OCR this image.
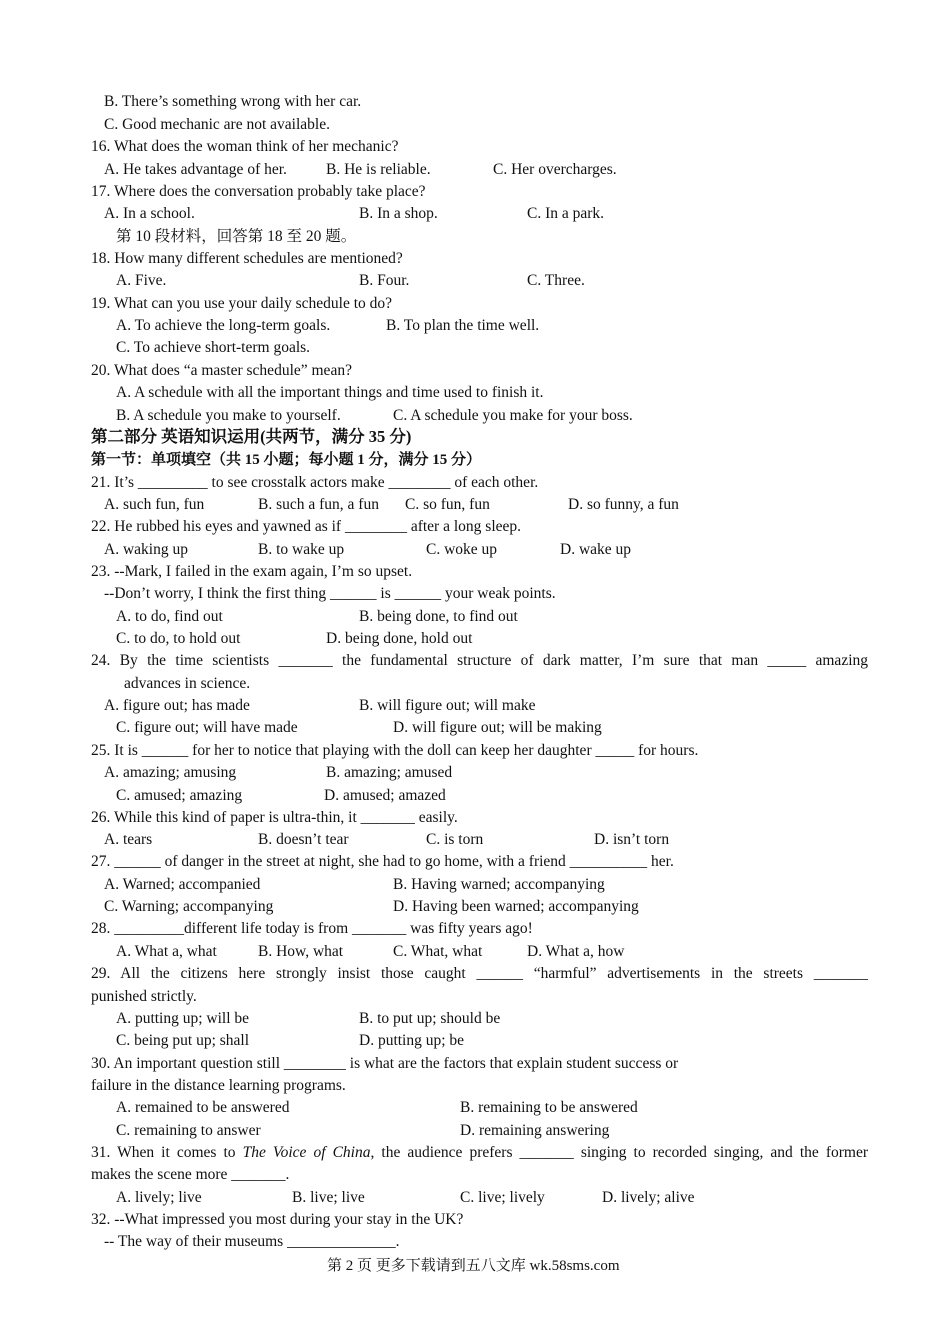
B. There’s something wrong with her car.
C. Good mechanic are not available.
16. What does the woman think of her mechanic?
A. He takes advantage of her.	B. He is reliable.	C. Her overcharges.
17. Where does the conversation probably take place?
A. In a school.	B. In a shop.	C. In a park.
第 10 段材料，回答第 18 至 20 题。
18. How many different schedules are mentioned?
A. Five.	B. Four.	C. Three.
19. What can you use your daily schedule to do?
A. To achieve the long-term goals.	B. To plan the time well.
C. To achieve short-term goals.
20. What does “a master schedule” mean?
A. A schedule with all the important things and time used to finish it.
B. A schedule you make to yourself.	C. A schedule you make for your boss.
第二部分 英语知识运用(共两节，满分 35 分)
第一节：单项填空（共 15 小题；每小题 1 分，满分 15 分）
21. It’s _________ to see crosstalk actors make ________ of each other.
A. such fun, fun	B. such a fun, a fun C. so fun, fun	D. so funny, a fun
22. He rubbed his eyes and yawned as if ________ after a long sleep.
A. waking up	B. to wake up	C. woke up	D. wake up
23. --Mark, I failed in the exam again, I’m so upset.
--Don’t worry, I think the first thing ______ is ______ your weak points.
A. to do, find out	B. being done, to find out
C. to do, to hold out	D. being done, hold out
24. By the time scientists _______ the fundamental structure of dark matter, I’m sure that man _____ amazing
advances in science.
A. figure out; has made	B. will figure out; will make
C. figure out; will have made	D. will figure out; will be making
25. It is ______ for her to notice that playing with the doll can keep her daughter _____ for hours.
A. amazing; amusing	B. amazing; amused
C. amused; amazing	D. amused; amazed
26. While this kind of paper is ultra-thin, it _______ easily.
A. tears	B. doesn’t tear	C. is torn	D. isn’t torn
27. ______ of danger in the street at night, she had to go home, with a friend __________ her.
A. Warned; accompanied	B. Having warned; accompanying
C. Warning; accompanying	D. Having been warned; accompanying
28. _________different life today is from _______ was fifty years ago!
A. What a, what	B. How, what	C. What, what	D. What a, how
29. All the citizens here strongly insist those caught ______ “harmful” advertisements in the streets _______
punished strictly.
A. putting up; will be	B. to put up; should be
C. being put up; shall	D. putting up; be
30. An important question still ________ is what are the factors that explain student success or
failure in the distance learning programs.
A. remained to be answered	B. remaining to be answered
C. remaining to answer	D. remaining answering
31. When it comes to The Voice of China, the audience prefers _______ singing to recorded singing, and the former
makes the scene more _______.
A. lively; live	B. live; live	C. live; lively	D. lively; alive
32. --What impressed you most during your stay in the UK?
-- The way of their museums ______________.
第 2 页 更多下载请到五八文库 wk.58sms.com
